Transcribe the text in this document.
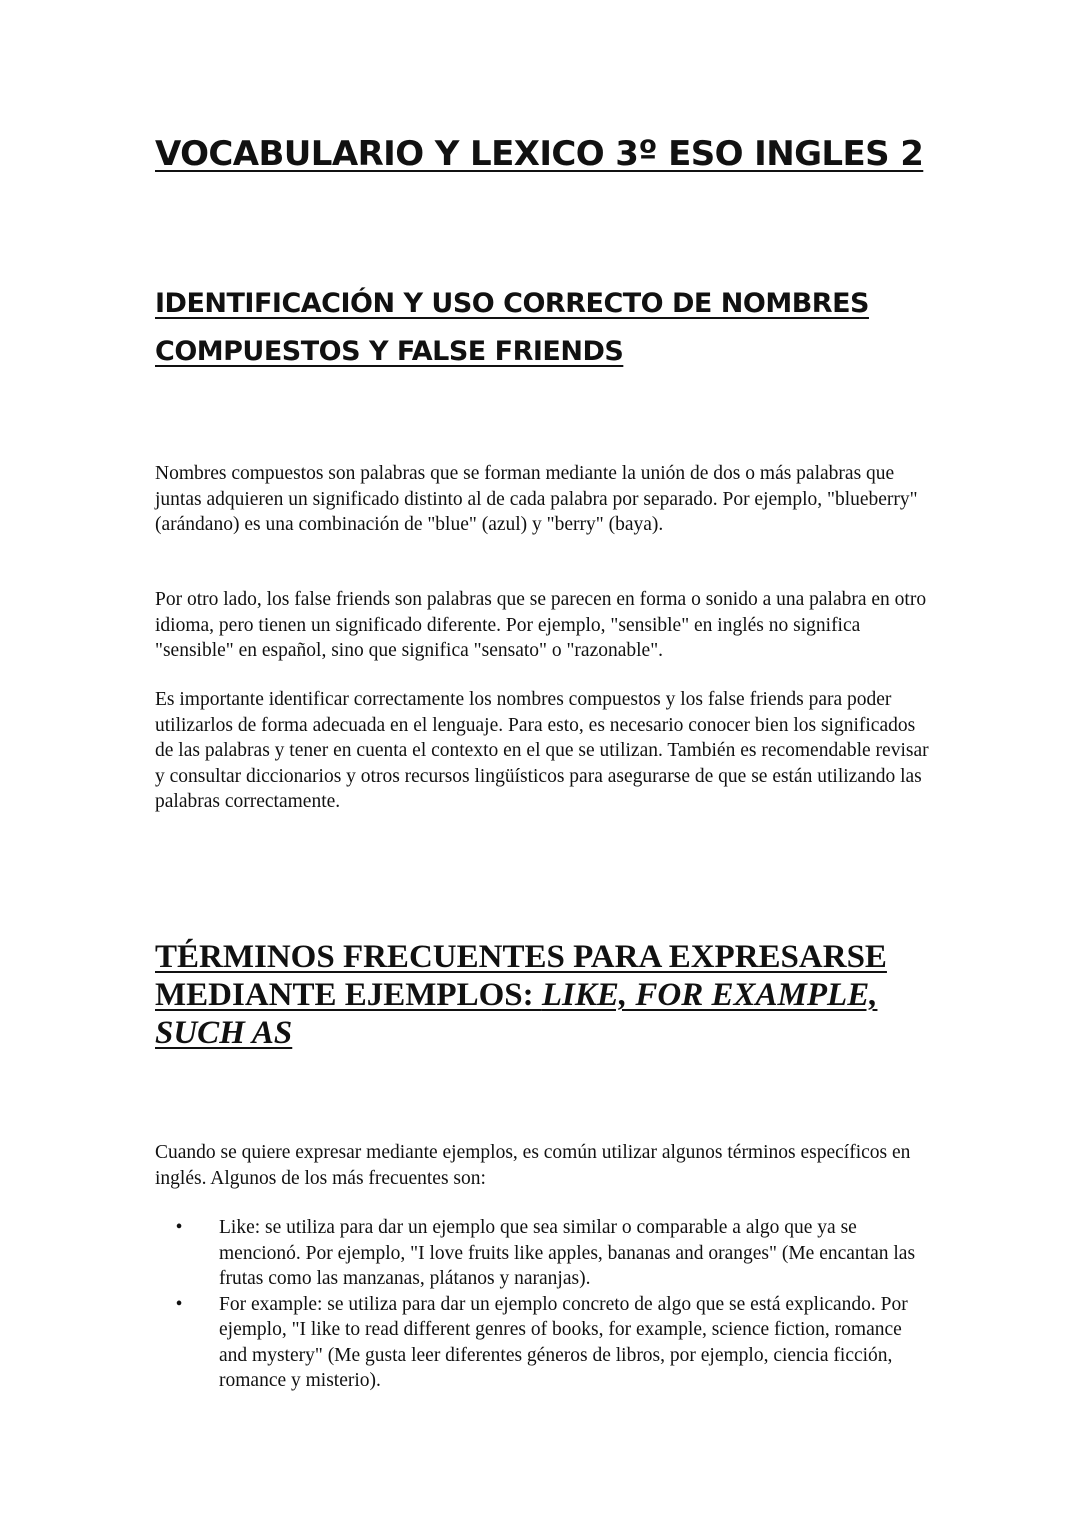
VOCABULARIO Y LEXICO 3º ESO INGLES 2
IDENTIFICACIÓN Y USO CORRECTO DE NOMBRES COMPUESTOS Y FALSE FRIENDS

Nombres compuestos son palabras que se forman mediante la unión de dos o más palabras que juntas adquieren un significado distinto al de cada palabra por separado. Por ejemplo, "blueberry" (arándano) es una combinación de "blue" (azul) y "berry" (baya).

Por otro lado, los false friends son palabras que se parecen en forma o sonido a una palabra en otro idioma, pero tienen un significado diferente. Por ejemplo, "sensible" en inglés no significa "sensible" en español, sino que significa "sensato" o "razonable".

Es importante identificar correctamente los nombres compuestos y los false friends para poder utilizarlos de forma adecuada en el lenguaje. Para esto, es necesario conocer bien los significados de las palabras y tener en cuenta el contexto en el que se utilizan. También es recomendable revisar y consultar diccionarios y otros recursos lingüísticos para asegurarse de que se están utilizando las palabras correctamente.

TÉRMINOS FRECUENTES PARA EXPRESARSE MEDIANTE EJEMPLOS: LIKE, FOR EXAMPLE, SUCH AS

Cuando se quiere expresar mediante ejemplos, es común utilizar algunos términos específicos en inglés. Algunos de los más frecuentes son:

•	Like: se utiliza para dar un ejemplo que sea similar o comparable a algo que ya se mencionó. Por ejemplo, "I love fruits like apples, bananas and oranges" (Me encantan las frutas como las manzanas, plátanos y naranjas).
•	For example: se utiliza para dar un ejemplo concreto de algo que se está explicando. Por ejemplo, "I like to read different genres of books, for example, science fiction, romance and mystery" (Me gusta leer diferentes géneros de libros, por ejemplo, ciencia ficción, romance y misterio).
